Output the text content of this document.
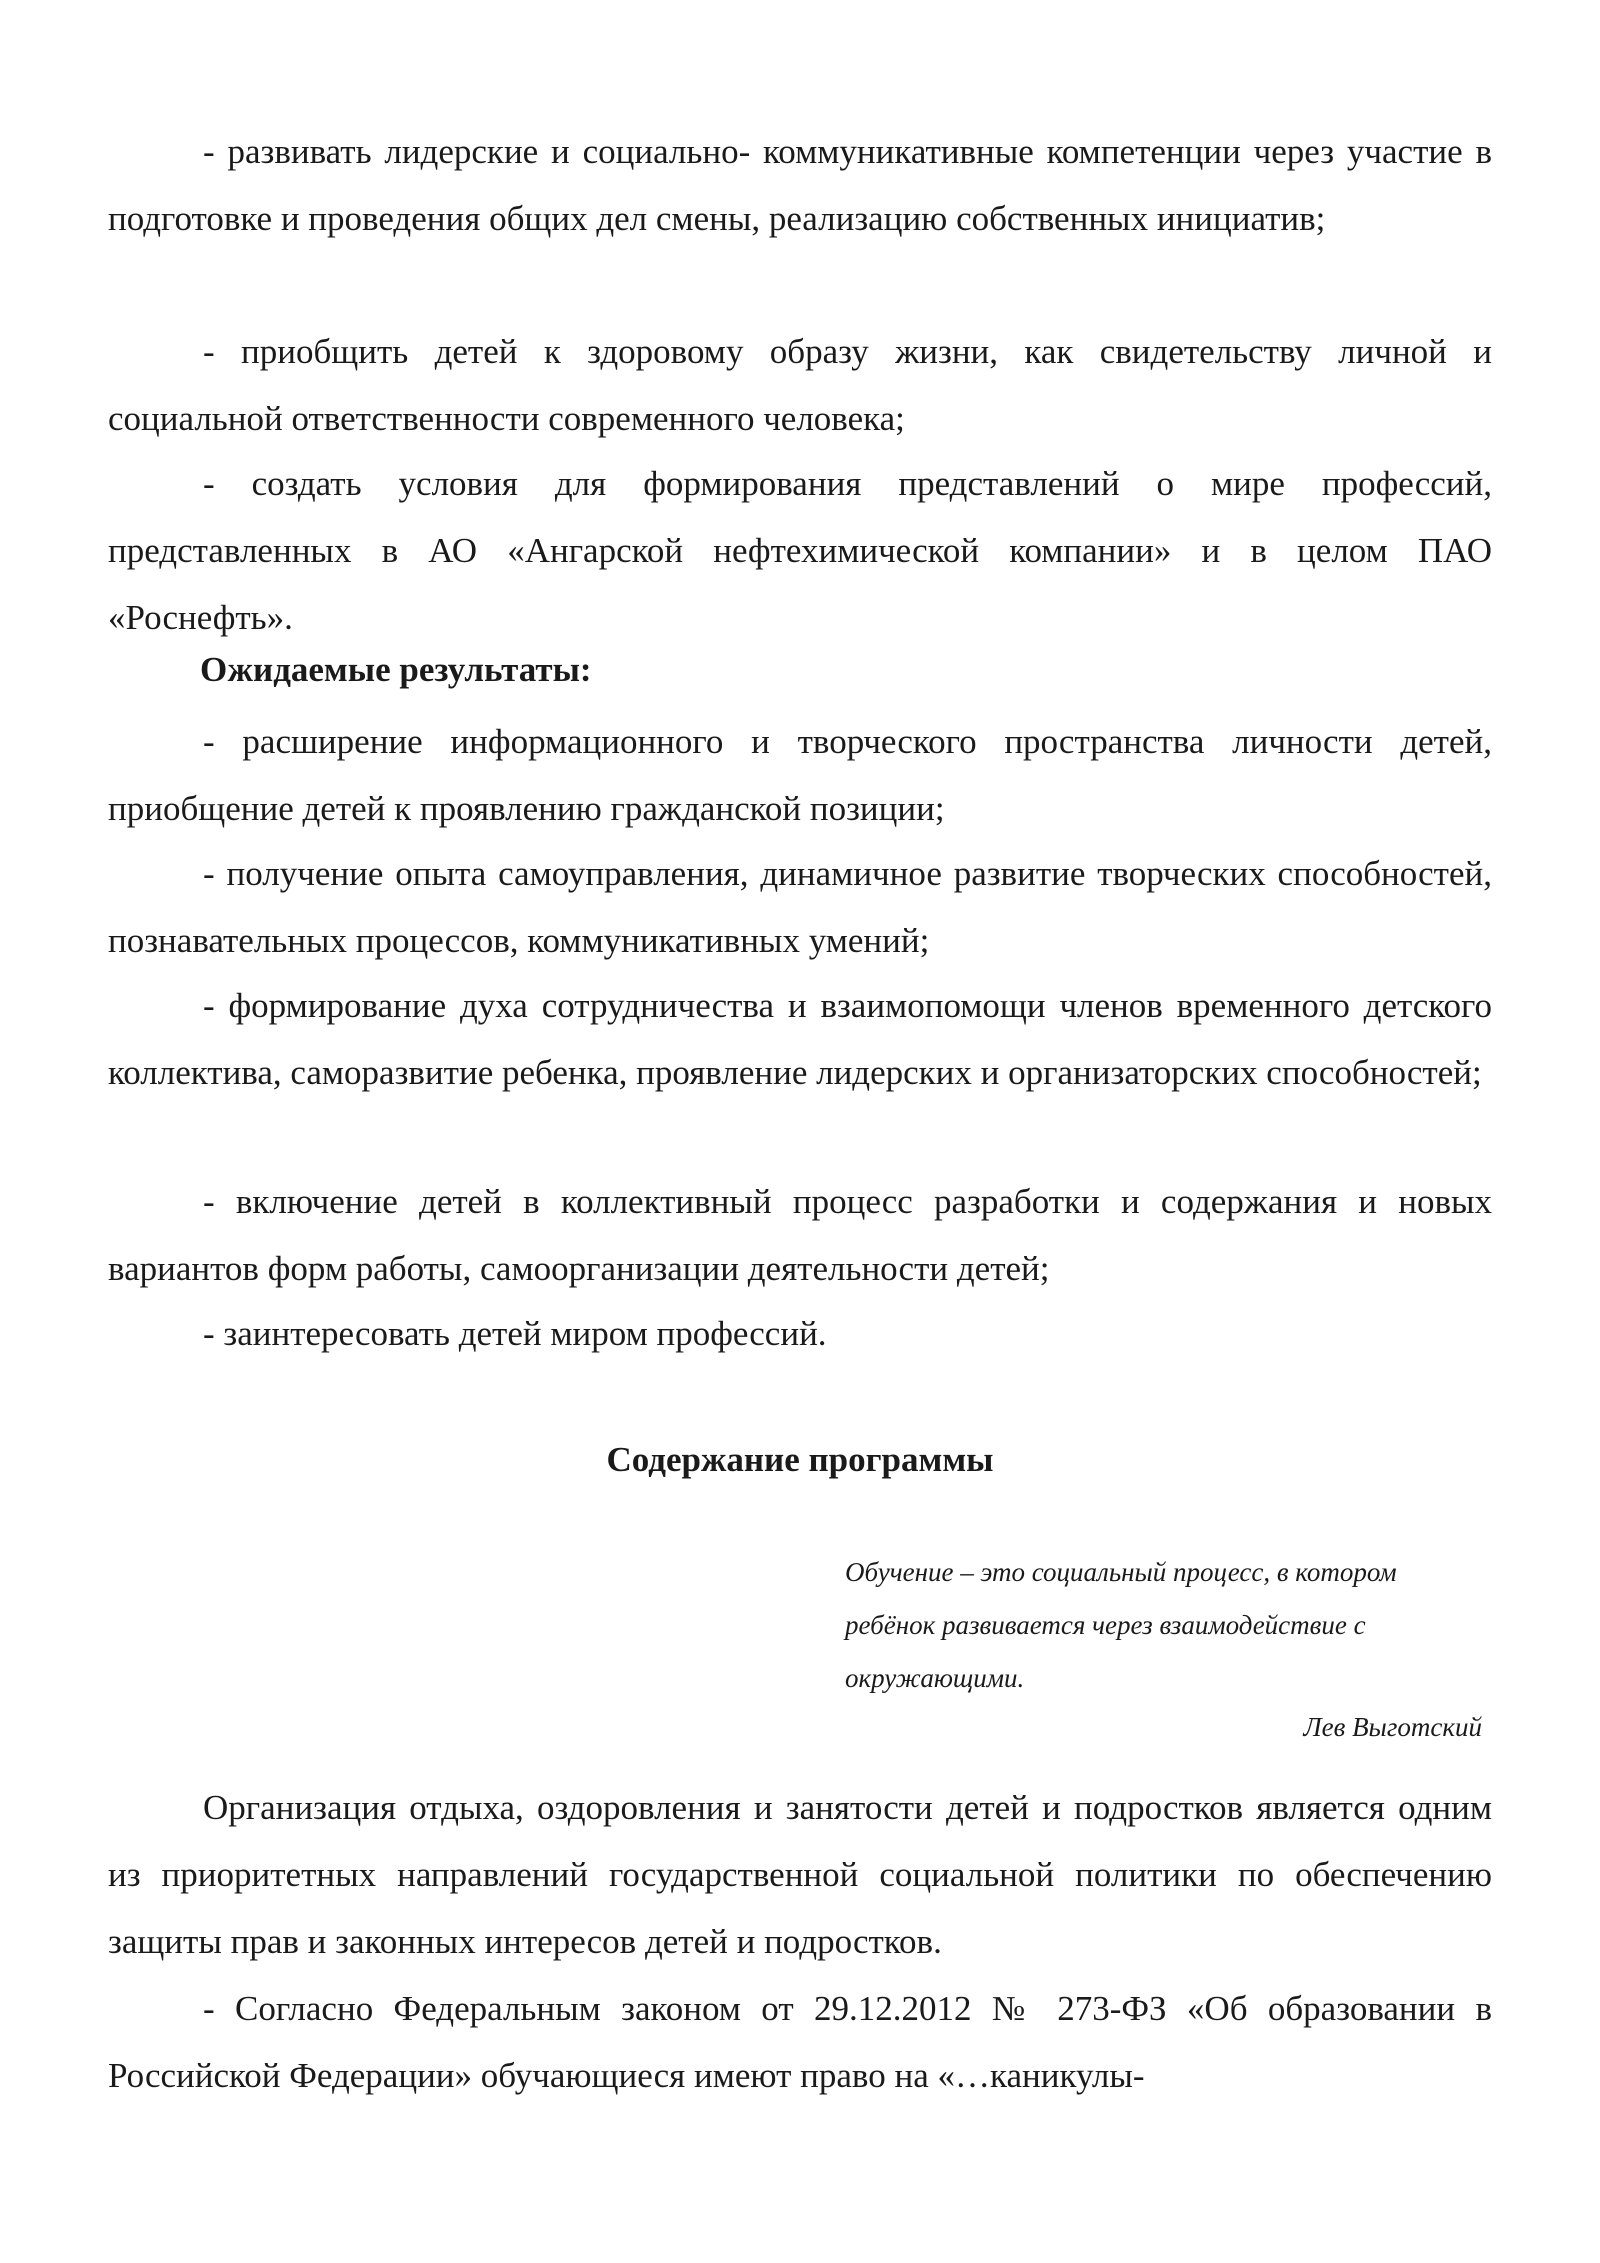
- развивать лидерские и социально- коммуникативные компетенции через участие в подготовке и проведения общих дел смены, реализацию собственных инициатив;

- приобщить детей к здоровому образу жизни, как свидетельству личной и социальной ответственности современного человека;

- создать условия для формирования представлений о мире профессий, представленных в АО «Ангарской нефтехимической компании» и в целом ПАО «Роснефть».

Ожидаемые результаты:

- расширение информационного и творческого пространства личности детей, приобщение детей к проявлению гражданской позиции;

- получение опыта самоуправления, динамичное развитие творческих способностей, познавательных процессов, коммуникативных умений;

- формирование духа сотрудничества и взаимопомощи членов временного детского коллектива, саморазвитие ребенка, проявление лидерских и организаторских способностей;

- включение детей в коллективный процесс разработки и содержания и новых вариантов форм работы, самоорганизации деятельности детей;

- заинтересовать детей миром профессий.

Содержание программы

Обучение – это социальный процесс, в котором ребёнок развивается через взаимодействие с окружающими.

Лев Выготский

Организация отдыха, оздоровления и занятости детей и подростков является одним из приоритетных направлений государственной социальной политики по обеспечению защиты прав и законных интересов детей и подростков.

- Согласно Федеральным законом от 29.12.2012 № 273-ФЗ «Об образовании в Российской Федерации» обучающиеся имеют право на «…каникулы-
